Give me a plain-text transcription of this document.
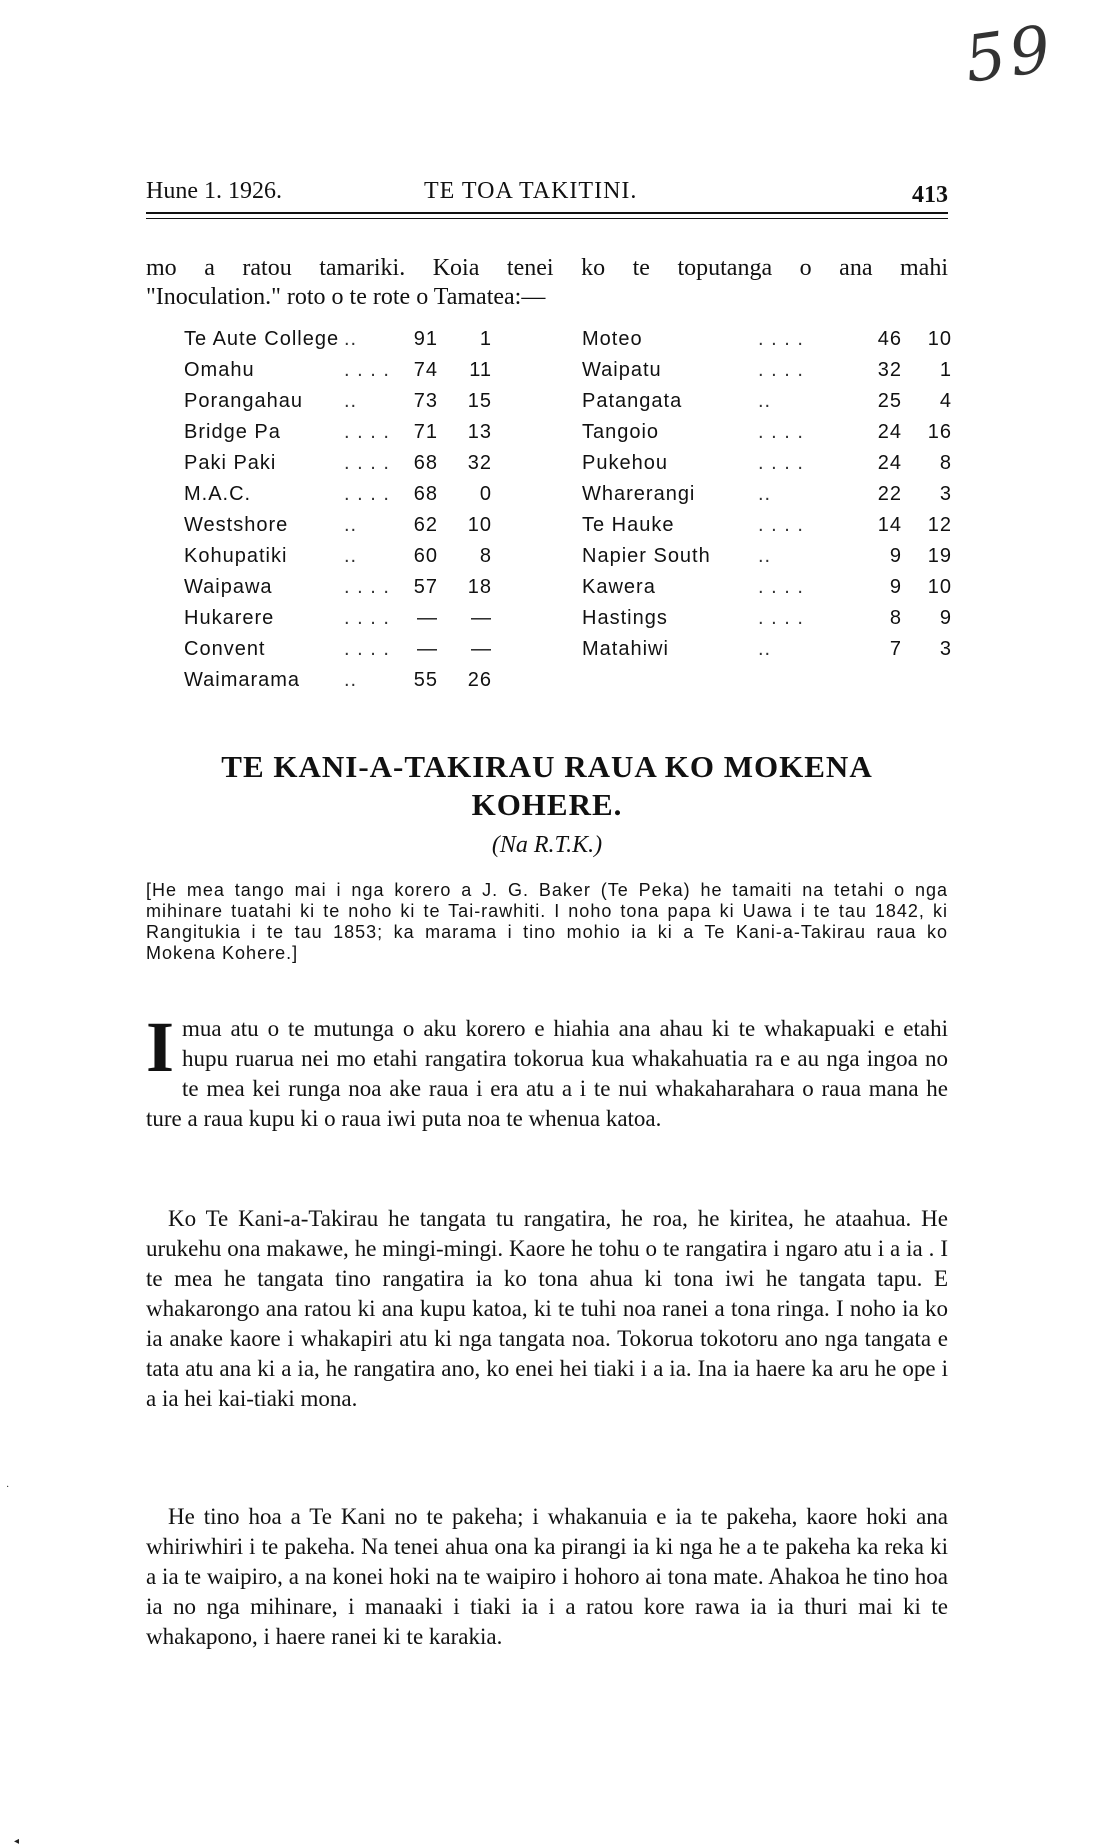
59
Hune 1. 1926.	TE TOA TAKITINI.	413
mo a ratou tamariki. Koia tenei ko te toputanga o ana mahi
"Inoculation." roto o te rote o Tamatea:—
Te Aute College ..	91	1
Omahu	. . . .	74	11
Porangahau ..	73	15
Bridge Pa	. . . .	71	13
Paki Paki	. . . .	68	32
M.A.C.	. . . .	68	0
Westshore	..	62	10
Kohupatiki	..	60	8
Waipawa	. . . .	57	18
Hukarere	. . . .	—	—
Convent	. . . .	—	—
Waimarama ..	55	26
Moteo	. . . .	46	10
Waipatu	. . . .	32	1
Patangata	..	25	4
Tangoio	. . . .	24	16
Pukehou	. . . .	24	8
Wharerangi	..	22	3
Te Hauke	. . . .	14	12
Napier South ..	9	19
Kawera	. . . .	9	10
Hastings	. . . .	8	9
Matahiwi	..	7	3
TE KANI-A-TAKIRAU RAUA KO MOKENA
KOHERE.
(Na R.T.K.)
[He mea tango mai i nga korero a J. G. Baker (Te Peka) he tamaiti na tetahi o nga mihinare tuatahi ki te noho ki te Tai-rawhiti. I noho tona papa ki Uawa i te tau 1842, ki Rangitukia i te tau 1853; ka marama i tino mohio ia ki a Te Kani-a-Takirau raua ko Mokena Kohere.]
Imua atu o te mutunga o aku korero e hiahia ana ahau ki te whakapuaki e etahi hupu ruarua nei mo etahi rangatira tokorua kua whakahuatia ra e au nga ingoa no te mea kei runga noa ake raua i era atu a i te nui whakaharahara o raua mana he ture a raua kupu ki o raua iwi puta noa te whenua katoa.
Ko Te Kani-a-Takirau he tangata tu rangatira, he roa, he kiritea, he ataahua. He urukehu ona makawe, he mingi-mingi. Kaore he tohu o te rangatira i ngaro atu i a ia . I te mea he tangata tino rangatira ia ko tona ahua ki tona iwi he tangata tapu. E whakarongo ana ratou ki ana kupu katoa, ki te tuhi noa ranei a tona ringa. I noho ia ko ia anake kaore i whakapiri atu ki nga tangata noa. Tokorua tokotoru ano nga tangata e tata atu ana ki a ia, he rangatira ano, ko enei hei tiaki i a ia. Ina ia haere ka aru he ope i a ia hei kai-tiaki mona.
He tino hoa a Te Kani no te pakeha; i whakanuia e ia te pakeha, kaore hoki ana whiriwhiri i te pakeha. Na tenei ahua ona ka pirangi ia ki nga he a te pakeha ka reka ki a ia te waipiro, a na konei hoki na te waipiro i hohoro ai tona mate. Ahakoa he tino hoa ia no nga mihinare, i manaaki i tiaki ia i a ratou kore rawa ia ia thuri mai ki te whakapono, i haere ranei ki te karakia.
·
◂
